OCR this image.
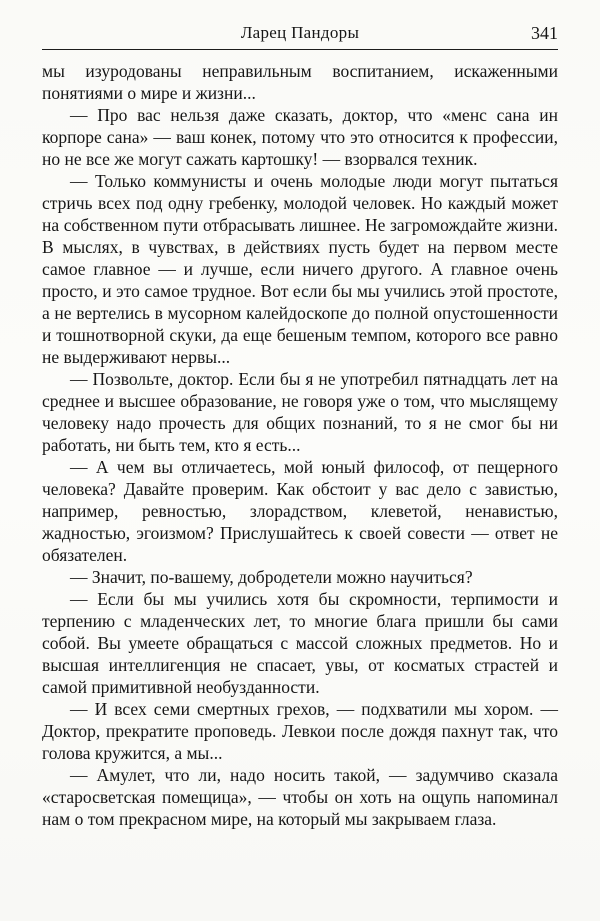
Ларец Пандоры	341

мы изуродованы неправильным воспитанием, искаженными понятиями о мире и жизни...

— Про вас нельзя даже сказать, доктор, что «менс сана ин корпоре сана» — ваш конек, потому что это относится к профессии, но не все же могут сажать картошку! — взорвался техник.

— Только коммунисты и очень молодые люди могут пытаться стричь всех под одну гребенку, молодой человек. Но каждый может на собственном пути отбрасывать лишнее. Не загромождайте жизни. В мыслях, в чувствах, в действиях пусть будет на первом месте самое главное — и лучше, если ничего другого. А главное очень просто, и это самое трудное. Вот если бы мы учились этой простоте, а не вертелись в мусорном калейдоскопе до полной опустошенности и тошнотворной скуки, да еще бешеным темпом, которого все равно не выдерживают нервы...

— Позвольте, доктор. Если бы я не употребил пятнадцать лет на среднее и высшее образование, не говоря уже о том, что мыслящему человеку надо прочесть для общих познаний, то я не смог бы ни работать, ни быть тем, кто я есть...

— А чем вы отличаетесь, мой юный философ, от пещерного человека? Давайте проверим. Как обстоит у вас дело с завистью, например, ревностью, злорадством, клеветой, ненавистью, жадностью, эгоизмом? Прислушайтесь к своей совести — ответ не обязателен.

— Значит, по-вашему, добродетели можно научиться?

— Если бы мы учились хотя бы скромности, терпимости и терпению с младенческих лет, то многие блага пришли бы сами собой. Вы умеете обращаться с массой сложных предметов. Но и высшая интеллигенция не спасает, увы, от косматых страстей и самой примитивной необузданности.

— И всех семи смертных грехов, — подхватили мы хором. — Доктор, прекратите проповедь. Левкои после дождя пахнут так, что голова кружится, а мы...

— Амулет, что ли, надо носить такой, — задумчиво сказала «старосветская помещица», — чтобы он хоть на ощупь напоминал нам о том прекрасном мире, на который мы закрываем глаза.
